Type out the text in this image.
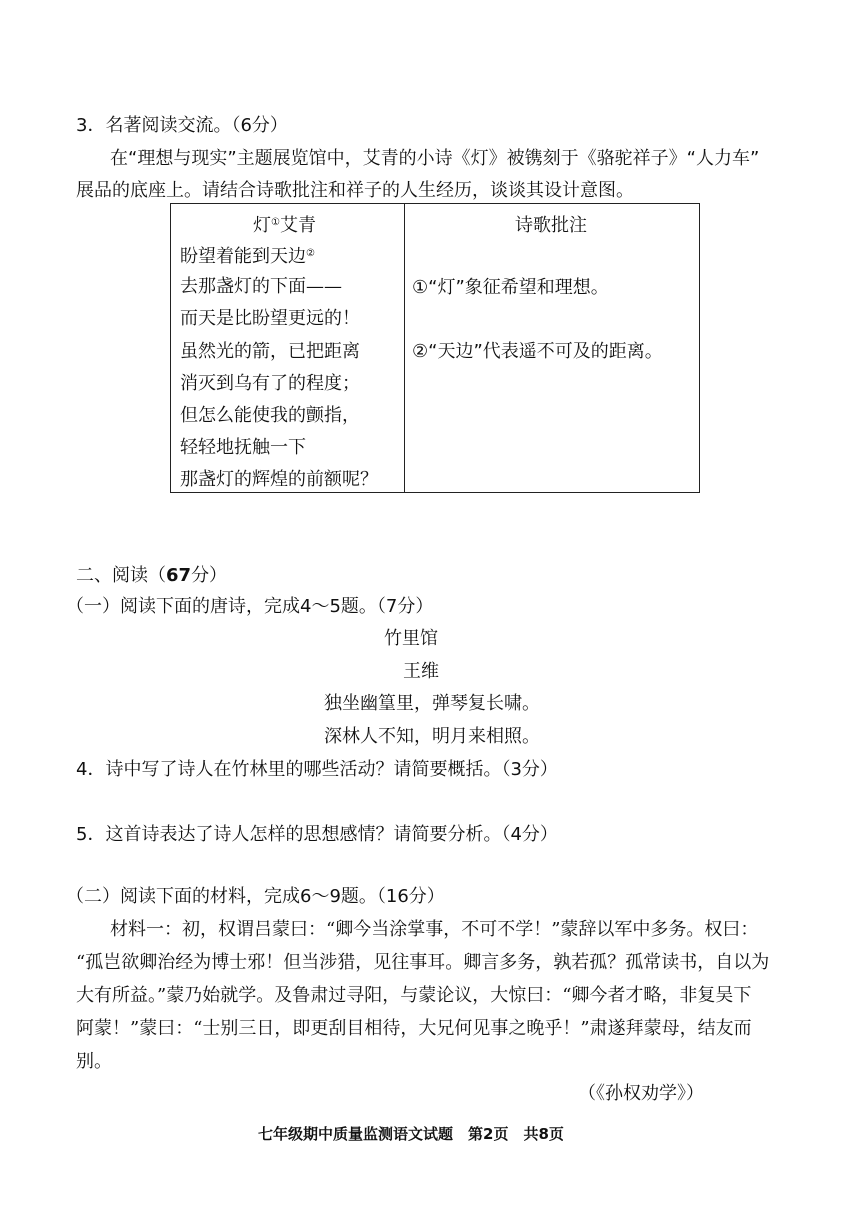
3．名著阅读交流。（6分）
在“理想与现实”主题展览馆中，艾青的小诗《灯》被镌刻于《骆驼祥子》“人力车”
展品的底座上。请结合诗歌批注和祥子的人生经历，谈谈其设计意图。
灯①艾青
盼望着能到天边②
去那盏灯的下面——
而天是比盼望更远的！
虽然光的箭，已把距离
消灭到乌有了的程度；
但怎么能使我的颤指，
轻轻地抚触一下
那盏灯的辉煌的前额呢？
诗歌批注
①“灯”象征希望和理想。
②“天边”代表遥不可及的距离。
二、阅读（67分）
（一）阅读下面的唐诗，完成4～5题。（7分）
竹里馆
王维
独坐幽篁里，弹琴复长啸。
深林人不知，明月来相照。
4．诗中写了诗人在竹林里的哪些活动？请简要概括。（3分）
5．这首诗表达了诗人怎样的思想感情？请简要分析。（4分）
（二）阅读下面的材料，完成6～9题。（16分）
材料一：初，权谓吕蒙曰：“卿今当涂掌事，不可不学！”蒙辞以军中多务。权曰：
“孤岂欲卿治经为博士邪！但当涉猎，见往事耳。卿言多务，孰若孤？孤常读书，自以为
大有所益。”蒙乃始就学。及鲁肃过寻阳，与蒙论议，大惊曰：“卿今者才略，非复吴下
阿蒙！”蒙曰：“士别三日，即更刮目相待，大兄何见事之晚乎！”肃遂拜蒙母，结友而
别。
（《孙权劝学》）
七年级期中质量监测语文试题　第2页　共8页
